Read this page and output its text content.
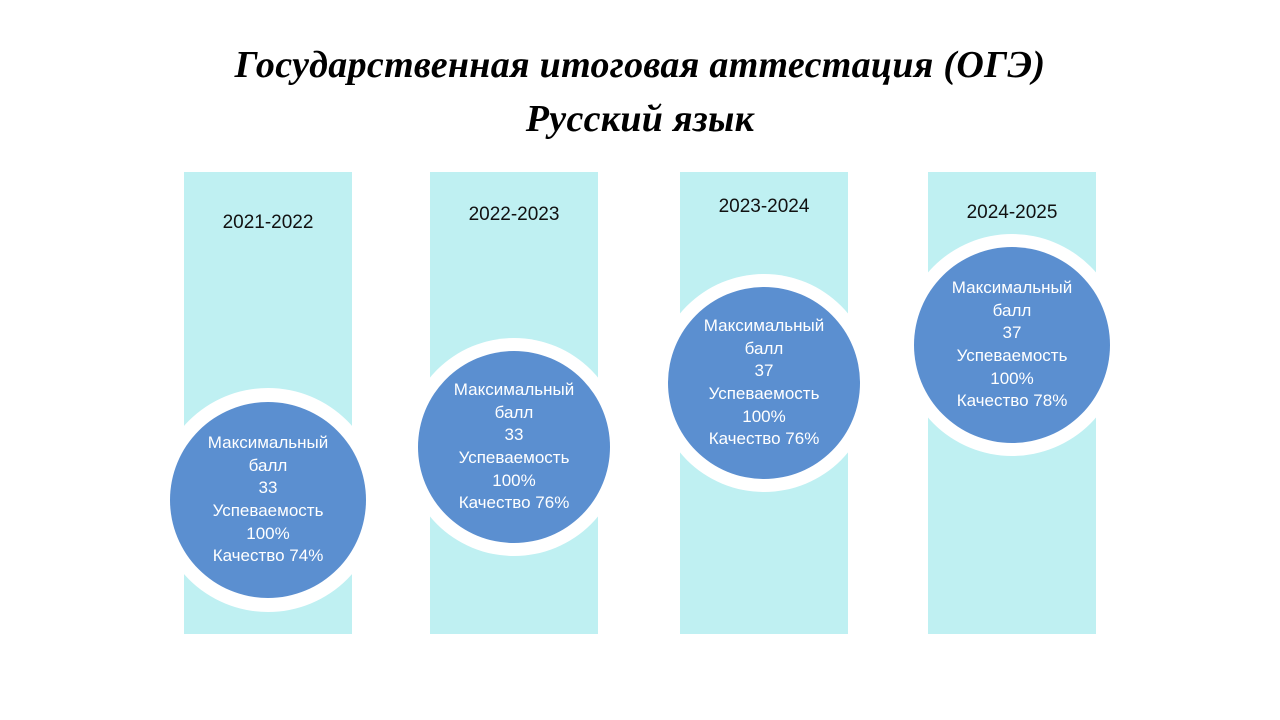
Государственная итоговая аттестация (ОГЭ)
Русский язык
2021-2022
Максимальный
балл
33
Успеваемость
100%
Качество 74%
2022-2023
Максимальный
балл
33
Успеваемость
100%
Качество 76%
2023-2024
Максимальный
балл
37
Успеваемость
100%
Качество 76%
2024-2025
Максимальный
балл
37
Успеваемость
100%
Качество 78%
